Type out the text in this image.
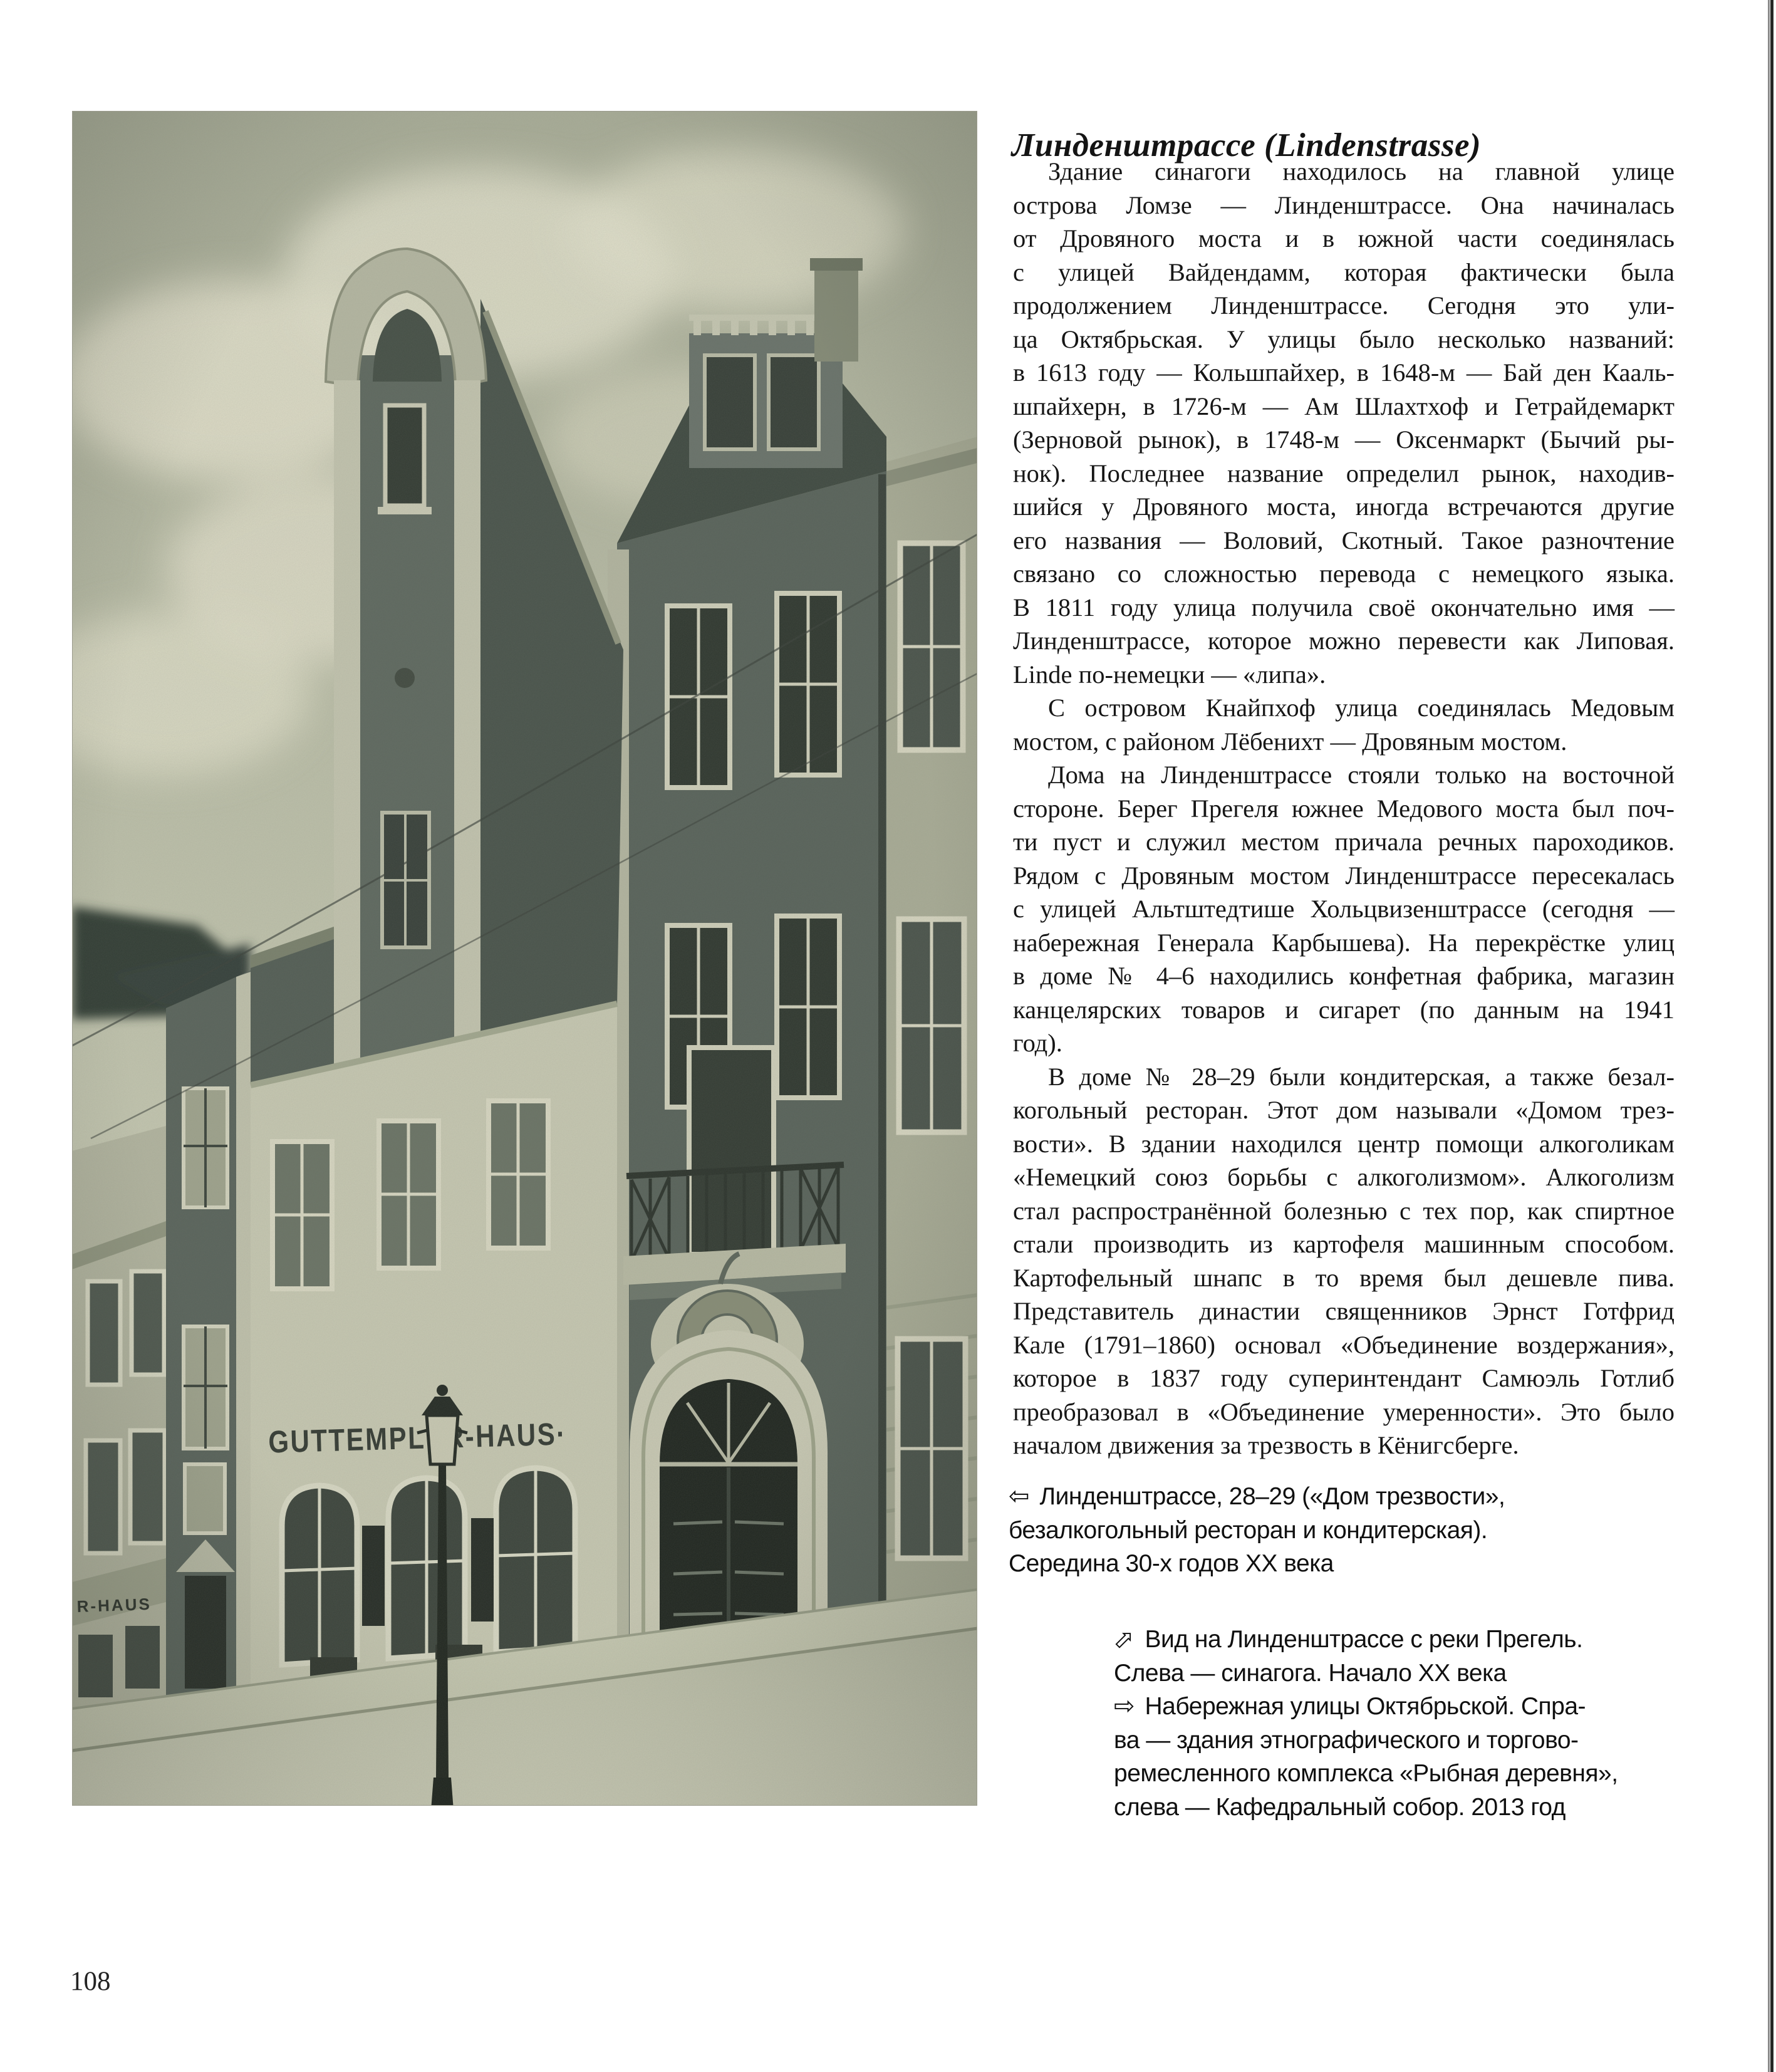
Линденштрассе (Lindenstrasse)
Здание синагоги находилось на главной улице
острова Ломзе — Линденштрассе. Она начиналась
от Дровяного моста и в южной части соединялась
с улицей Вайдендамм, которая фактически была
продолжением Линденштрассе. Сегодня это ули-
ца Октябрьская. У улицы было несколько названий:
в 1613 году — Кольшпайхер, в 1648-м — Бай ден Кааль-
шпайхерн, в 1726-м — Ам Шлахтхоф и Гетрайдемаркт
(Зерновой рынок), в 1748-м — Оксенмаркт (Бычий ры-
нок). Последнее название определил рынок, находив-
шийся у Дровяного моста, иногда встречаются другие
его названия — Воловий, Скотный. Такое разночтение
связано со сложностью перевода с немецкого языка.
В 1811 году улица получила своё окончательно имя —
Линденштрассе, которое можно перевести как Липовая.
Linde по-немецки — «липа».
С островом Кнайпхоф улица соединялась Медовым
мостом, с районом Лёбенихт — Дровяным мостом.
Дома на Линденштрассе стояли только на восточной
стороне. Берег Прегеля южнее Медового моста был поч-
ти пуст и служил местом причала речных пароходиков.
Рядом с Дровяным мостом Линденштрассе пересекалась
с улицей Альтштедтише Хольцвизенштрассе (сегодня —
набережная Генерала Карбышева). На перекрёстке улиц
в доме № 4–6 находились конфетная фабрика, магазин
канцелярских товаров и сигарет (по данным на 1941
год).
В доме № 28–29 были кондитерская, а также безал-
когольный ресторан. Этот дом называли «Домом трез-
вости». В здании находился центр помощи алкоголикам
«Немецкий союз борьбы с алкоголизмом». Алкоголизм
стал распространённой болезнью с тех пор, как спиртное
стали производить из картофеля машинным способом.
Картофельный шнапс в то время был дешевле пива.
Представитель династии священников Эрнст Готфрид
Кале (1791–1860) основал «Объединение воздержания»,
которое в 1837 году суперинтендант Самюэль Готлиб
преобразовал в «Объединение умеренности». Это было
началом движения за трезвость в Кёнигсберге.
⇦ Линденштрассе, 28–29 («Дом трезвости»,
безалкогольный ресторан и кондитерская).
Середина 30-х годов XX века
⇨ Вид на Линденштрассе с реки Прегель.
Слева — синагога. Начало XX века
⇨ Набережная улицы Октябрьской. Спра-
ва — здания этнографического и торгово-
ремесленного комплекса «Рыбная деревня»,
слева — Кафедральный собор. 2013 год
108
